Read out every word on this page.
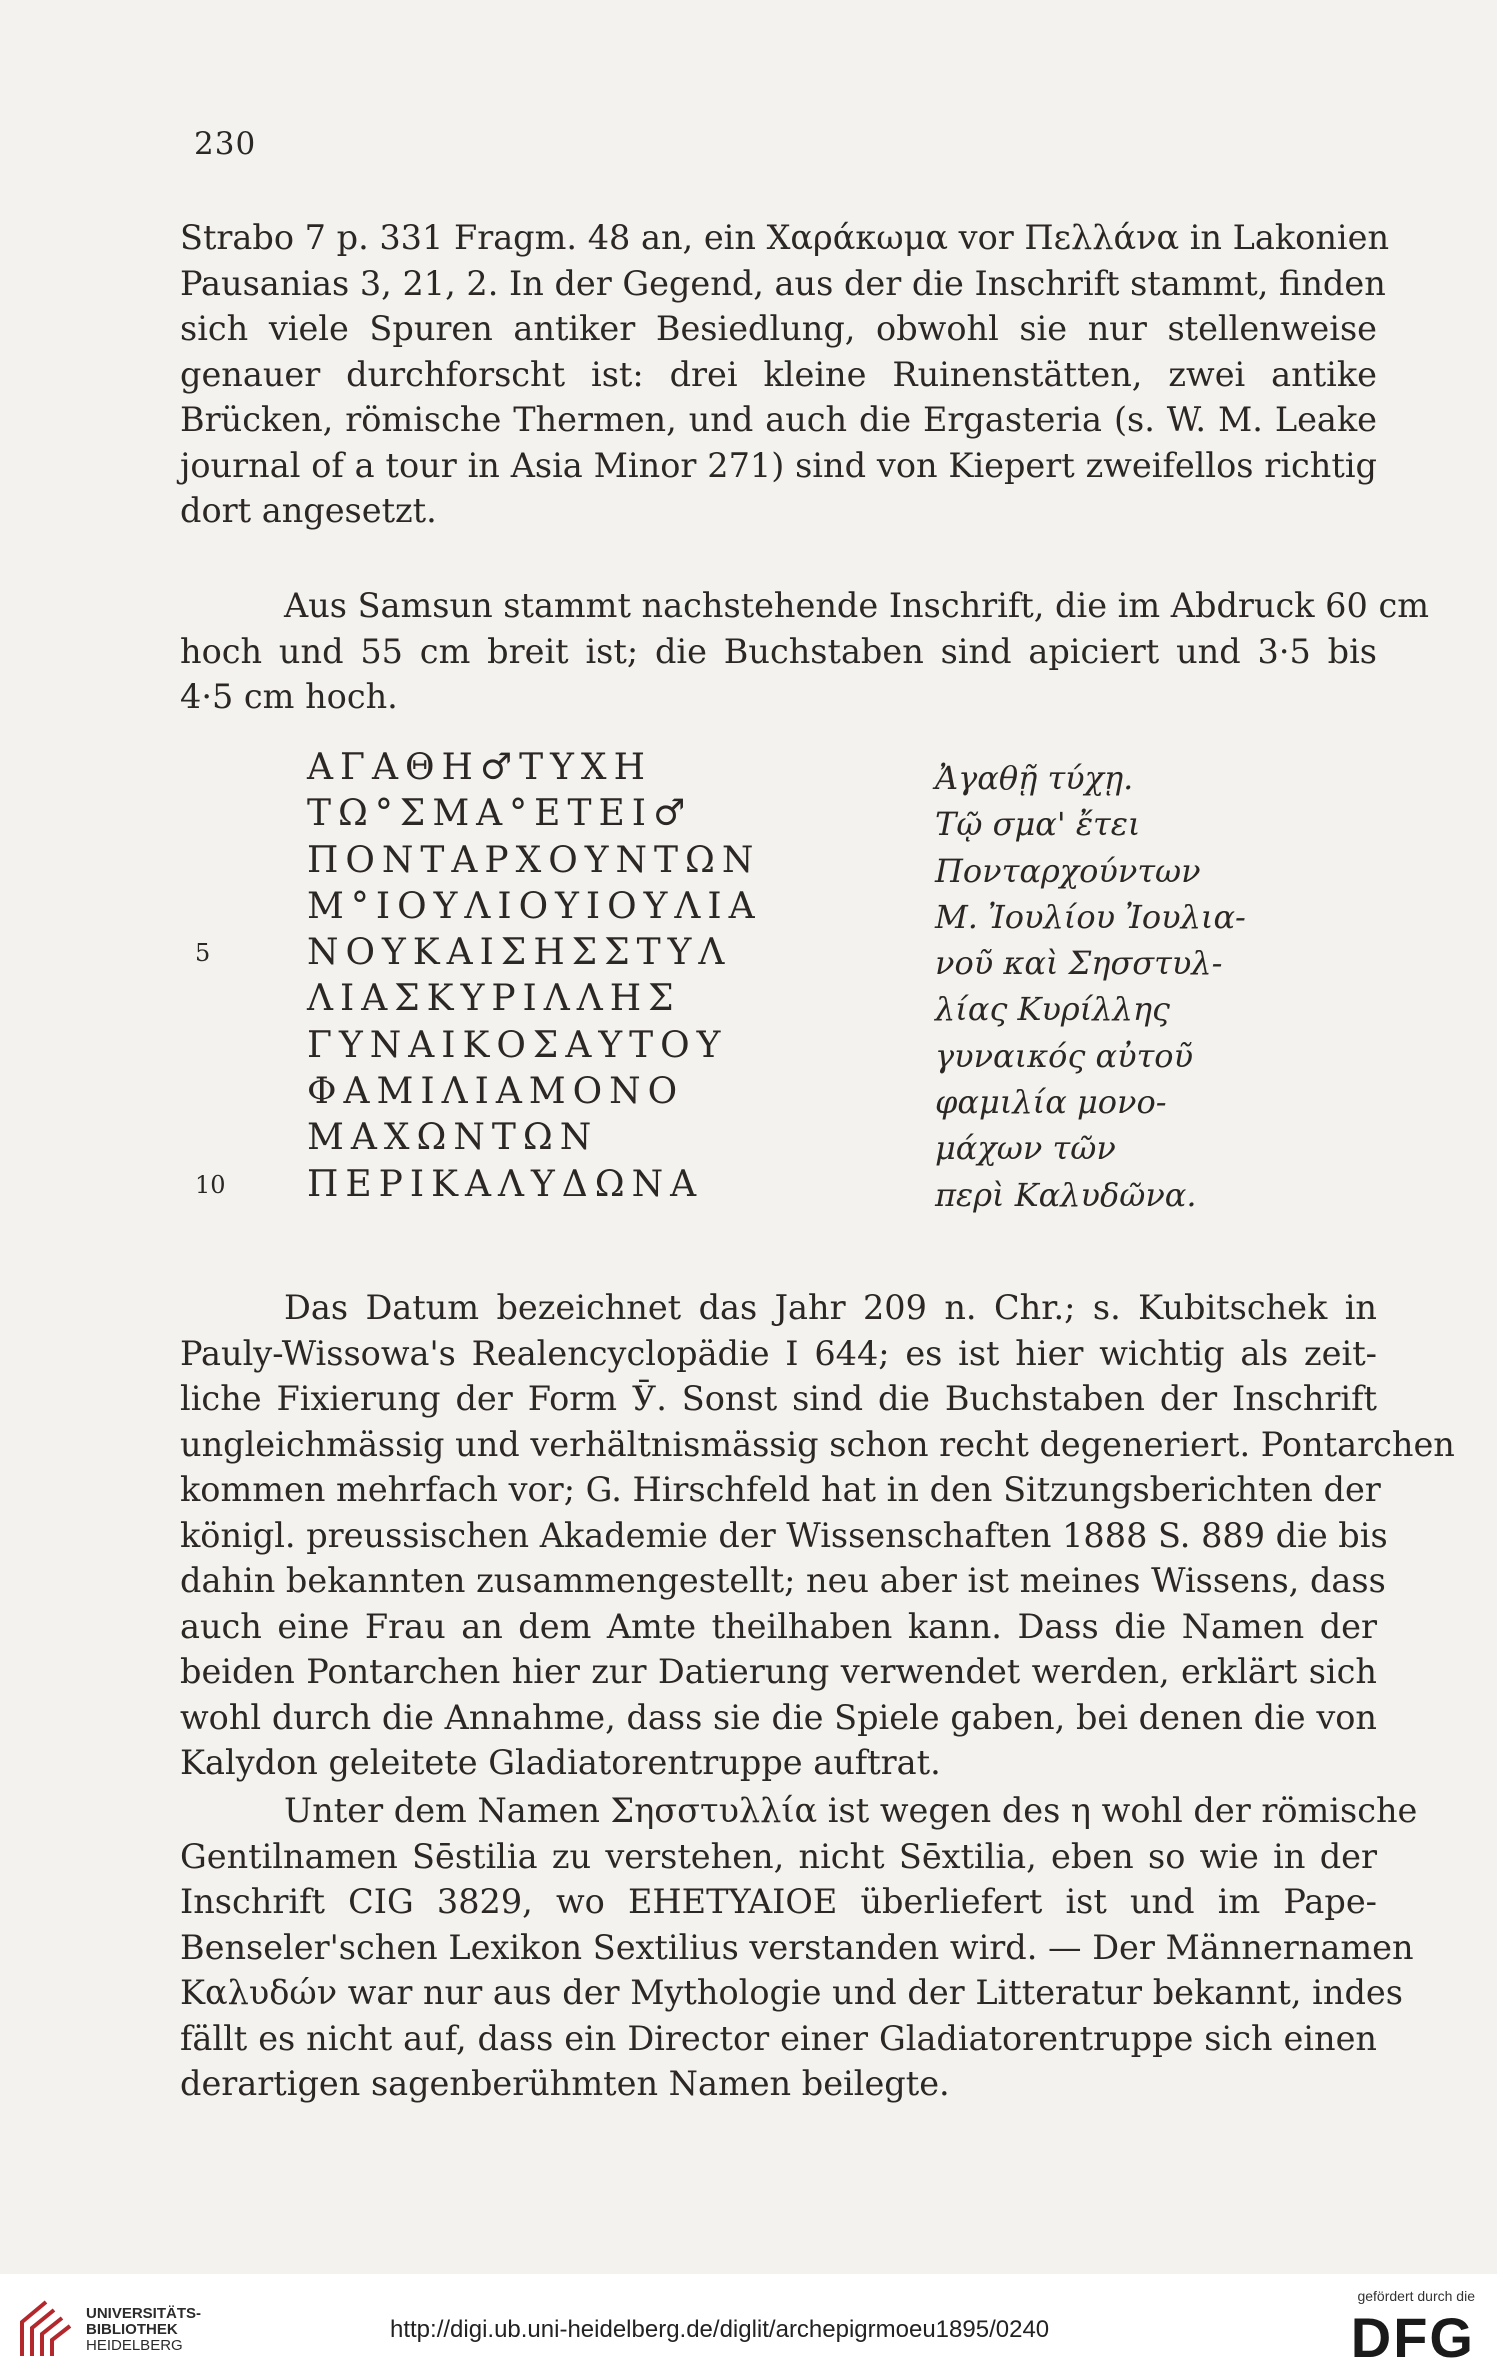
230

Strabo 7 p. 331 Fragm. 48 an, ein Χαράκωμα vor Πελλάνα in Lakonien
Pausanias 3, 21, 2. In der Gegend, aus der die Inschrift stammt, finden
sich viele Spuren antiker Besiedlung, obwohl sie nur stellenweise
genauer durchforscht ist: drei kleine Ruinenstätten, zwei antike
Brücken, römische Thermen, und auch die Ergasteria (s. W. M. Leake
journal of a tour in Asia Minor 271) sind von Kiepert zweifellos richtig
dort angesetzt.

Aus Samsun stammt nachstehende Inschrift, die im Abdruck 60 cm
hoch und 55 cm breit ist; die Buchstaben sind apiciert und 3·5 bis
4·5 cm hoch.

ΑΓΑΘΗ♂ΤΥΧΗ
ΤΩ°ΣΜΑ°ΕΤΕΙ♂
ΠΟΝΤΑΡΧΟΥΝΤΩΝ
Μ°ΙΟΥΛΙΟΥΙΟΥΛΙΑ
5	ΝΟΥΚΑΙΣΗΣΣΤΥΛ
ΛΙΑΣΚΥΡΙΛΛΗΣ
ΓΥΝΑΙΚΟΣΑΥΤΟΥ
ΦΑΜΙΛΙΑΜΟΝΟ
ΜΑΧΩΝΤΩΝ
10 ΠΕΡΙΚΑΛΥΔΩΝΑ
Ἀγαθῇ τύχῃ.
Τῷ σμα' ἔτει
Πονταρχούντων
Μ. Ἰουλίου Ἰουλια-
νοῦ καὶ Σησστυλ-
λίας Κυρίλλης
γυναικός αὐτοῦ
φαμιλία μονο-
μάχων τῶν
περὶ Καλυδῶνα.

Das Datum bezeichnet das Jahr 209 n. Chr.; s. Kubitschek in
Pauly-Wissowa's Realencyclopädie I 644; es ist hier wichtig als zeit-
liche Fixierung der Form Ӯ. Sonst sind die Buchstaben der Inschrift
ungleichmässig und verhältnismässig schon recht degeneriert. Pontarchen
kommen mehrfach vor; G. Hirschfeld hat in den Sitzungsberichten der
königl. preussischen Akademie der Wissenschaften 1888 S. 889 die bis
dahin bekannten zusammengestellt; neu aber ist meines Wissens, dass
auch eine Frau an dem Amte theilhaben kann. Dass die Namen der
beiden Pontarchen hier zur Datierung verwendet werden, erklärt sich
wohl durch die Annahme, dass sie die Spiele gaben, bei denen die von
Kalydon geleitete Gladiatorentruppe auftrat.

Unter dem Namen Σησστυλλία ist wegen des η wohl der römische
Gentilnamen Sēstilia zu verstehen, nicht Sēxtilia, eben so wie in der
Inschrift CIG 3829, wo EHETYAIOE überliefert ist und im Pape-
Benseler'schen Lexikon Sextilius verstanden wird. — Der Männernamen
Καλυδών war nur aus der Mythologie und der Litteratur bekannt, indes
fällt es nicht auf, dass ein Director einer Gladiatorentruppe sich einen
derartigen sagenberühmten Namen beilegte.

UNIVERSITÄTS-
BIBLIOTHEK
HEIDELBERG
http://digi.ub.uni-heidelberg.de/diglit/archepigrmoeu1895/0240
gefördert durch die
DFG
